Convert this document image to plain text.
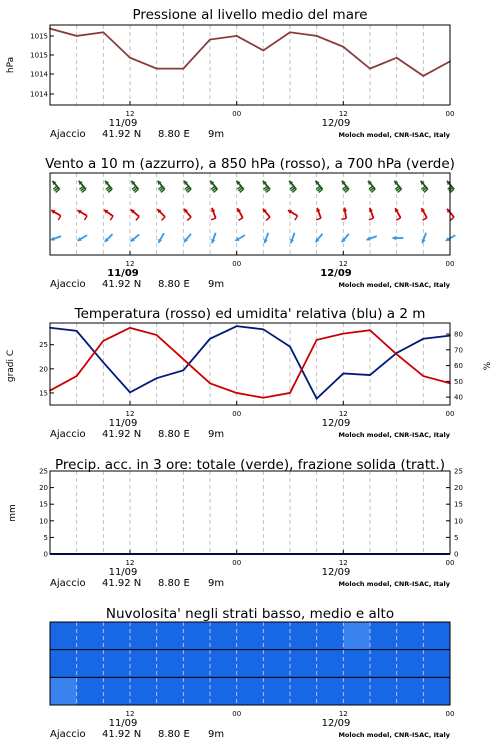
1015
1015
1014
1014
hPa
12	00	12	00
11/09	12/09
Ajaccio 41.92 N 8.80 E 9m	Moloch model, CNR-ISAC, Italy
Pressione al livello medio del mare
12	00	12	00
11/09	12/09
Ajaccio 41.92 N 8.80 E 9m	Moloch model, CNR-ISAC, Italy
Vento a 10 m (azzurro), a 850 hPa (rosso), a 700 hPa (verde)
25
20
15
80
70
60
50
40
gradi C	%
12	00	12	00
11/09	12/09
Ajaccio 41.92 N 8.80 E 9m	Moloch model, CNR-ISAC, Italy
Temperatura (rosso) ed umidita' relativa (blu) a 2 m
25	25
20	20
15	15
10	10
5	5
0	0
mm
12	00	12	00
11/09	12/09
Ajaccio 41.92 N 8.80 E 9m	Moloch model, CNR-ISAC, Italy
Precip. acc. in 3 ore: totale (verde), frazione solida (tratt.)
12	00	12	00
11/09	12/09
Ajaccio 41.92 N 8.80 E 9m	Moloch model, CNR-ISAC, Italy
Nuvolosita' negli strati basso, medio e alto
